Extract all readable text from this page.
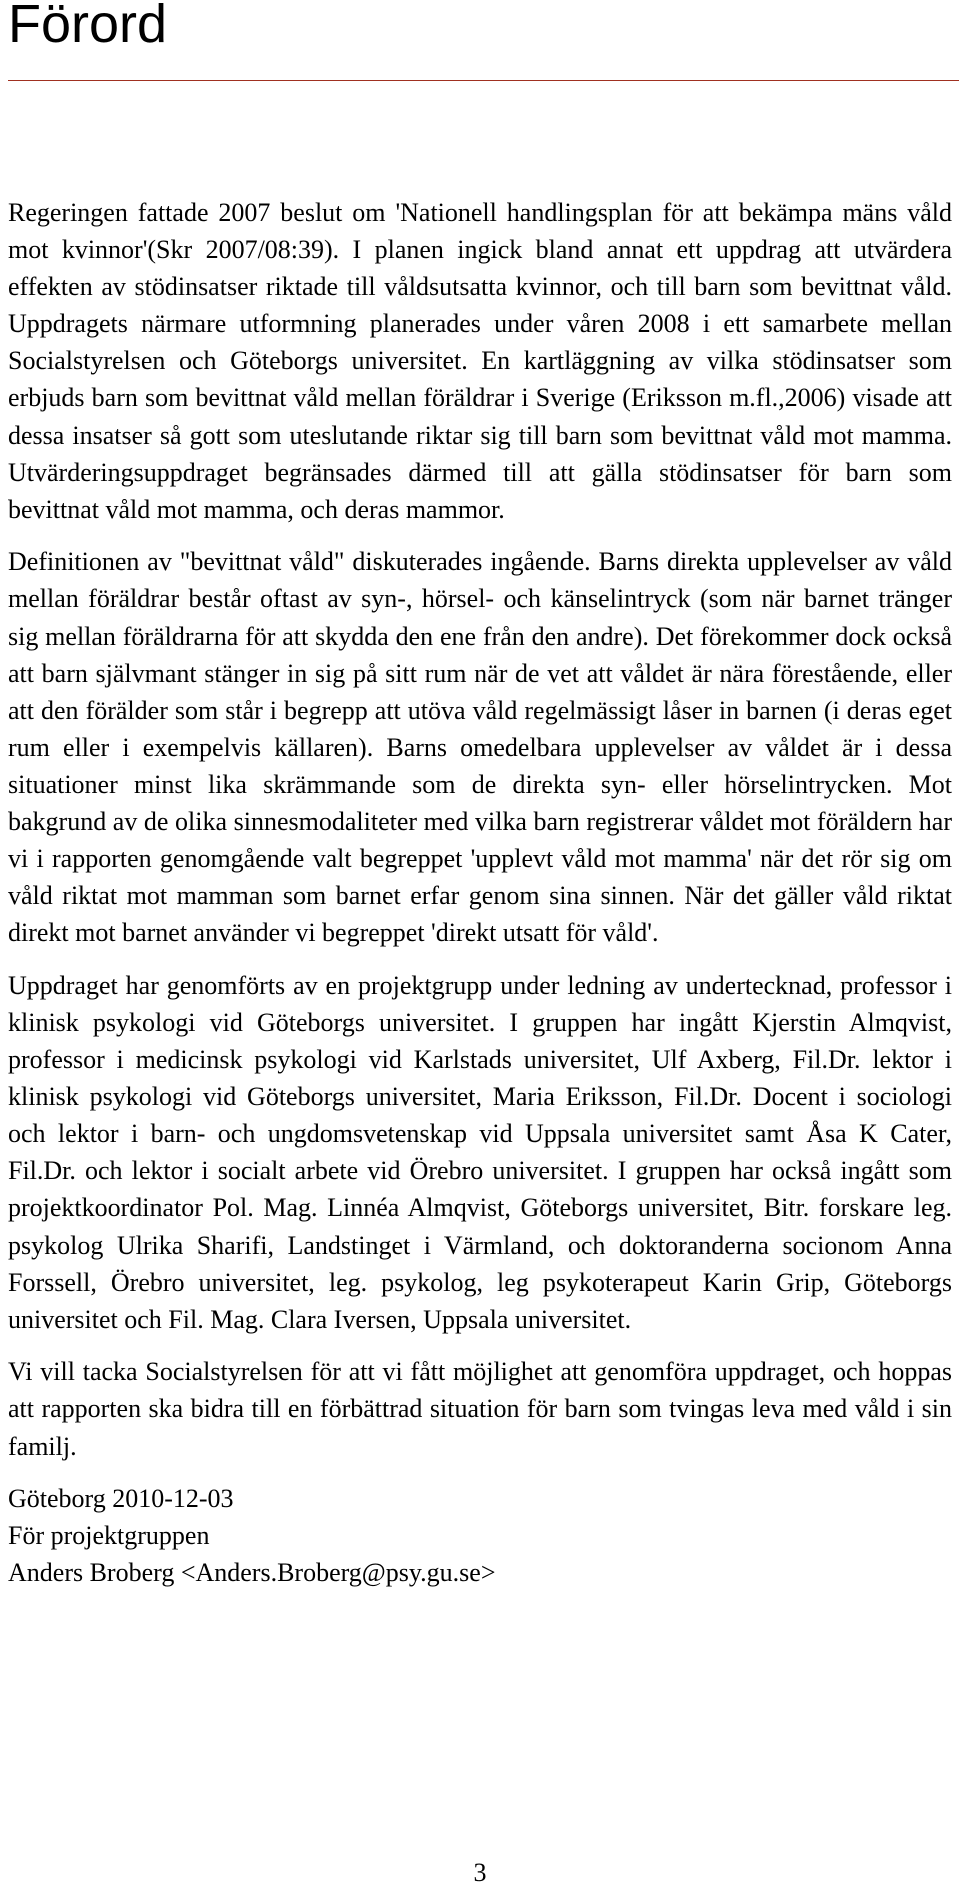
Förord

Regeringen fattade 2007 beslut om 'Nationell handlingsplan för att bekämpa mäns våld mot kvinnor'(Skr 2007/08:39). I planen ingick bland annat ett uppdrag att utvärdera effekten av stödinsatser riktade till våldsutsatta kvinnor, och till barn som bevittnat våld. Uppdragets närmare utformning planerades under våren 2008 i ett samarbete mellan Socialstyrelsen och Göteborgs universitet. En kartläggning av vilka stödinsatser som erbjuds barn som bevittnat våld mellan föräldrar i Sverige (Eriksson m.fl.,2006) visade att dessa insatser så gott som uteslutande riktar sig till barn som bevittnat våld mot mamma. Utvärderingsuppdraget begränsades därmed till att gälla stödinsatser för barn som bevittnat våld mot mamma, och deras mammor.

Definitionen av "bevittnat våld" diskuterades ingående. Barns direkta upplevelser av våld mellan föräldrar består oftast av syn-, hörsel- och känselintryck (som när barnet tränger sig mellan föräldrarna för att skydda den ene från den andre). Det förekommer dock också att barn självmant stänger in sig på sitt rum när de vet att våldet är nära förestående, eller att den förälder som står i begrepp att utöva våld regelmässigt låser in barnen (i deras eget rum eller i exempelvis källaren). Barns omedelbara upplevelser av våldet är i dessa situationer minst lika skrämmande som de direkta syn- eller hörselintrycken. Mot bakgrund av de olika sinnesmodaliteter med vilka barn registrerar våldet mot föräldern har vi i rapporten genomgående valt begreppet 'upplevt våld mot mamma' när det rör sig om våld riktat mot mamman som barnet erfar genom sina sinnen. När det gäller våld riktat direkt mot barnet använder vi begreppet 'direkt utsatt för våld'.

Uppdraget har genomförts av en projektgrupp under ledning av undertecknad, professor i klinisk psykologi vid Göteborgs universitet. I gruppen har ingått Kjerstin Almqvist, professor i medicinsk psykologi vid Karlstads universitet, Ulf Axberg, Fil.Dr. lektor i klinisk psykologi vid Göteborgs universitet, Maria Eriksson, Fil.Dr. Docent i sociologi och lektor i barn- och ungdomsvetenskap vid Uppsala universitet samt Åsa K Cater, Fil.Dr. och lektor i socialt arbete vid Örebro universitet. I gruppen har också ingått som projektkoordinator Pol. Mag. Linnéa Almqvist, Göteborgs universitet, Bitr. forskare leg. psykolog Ulrika Sharifi, Landstinget i Värmland, och doktoranderna socionom Anna Forssell, Örebro universitet, leg. psykolog, leg psykoterapeut Karin Grip, Göteborgs universitet och Fil. Mag. Clara Iversen, Uppsala universitet.

Vi vill tacka Socialstyrelsen för att vi fått möjlighet att genomföra uppdraget, och hoppas att rapporten ska bidra till en förbättrad situation för barn som tvingas leva med våld i sin familj.

Göteborg 2010-12-03
För projektgruppen
Anders Broberg <Anders.Broberg@psy.gu.se>

3
